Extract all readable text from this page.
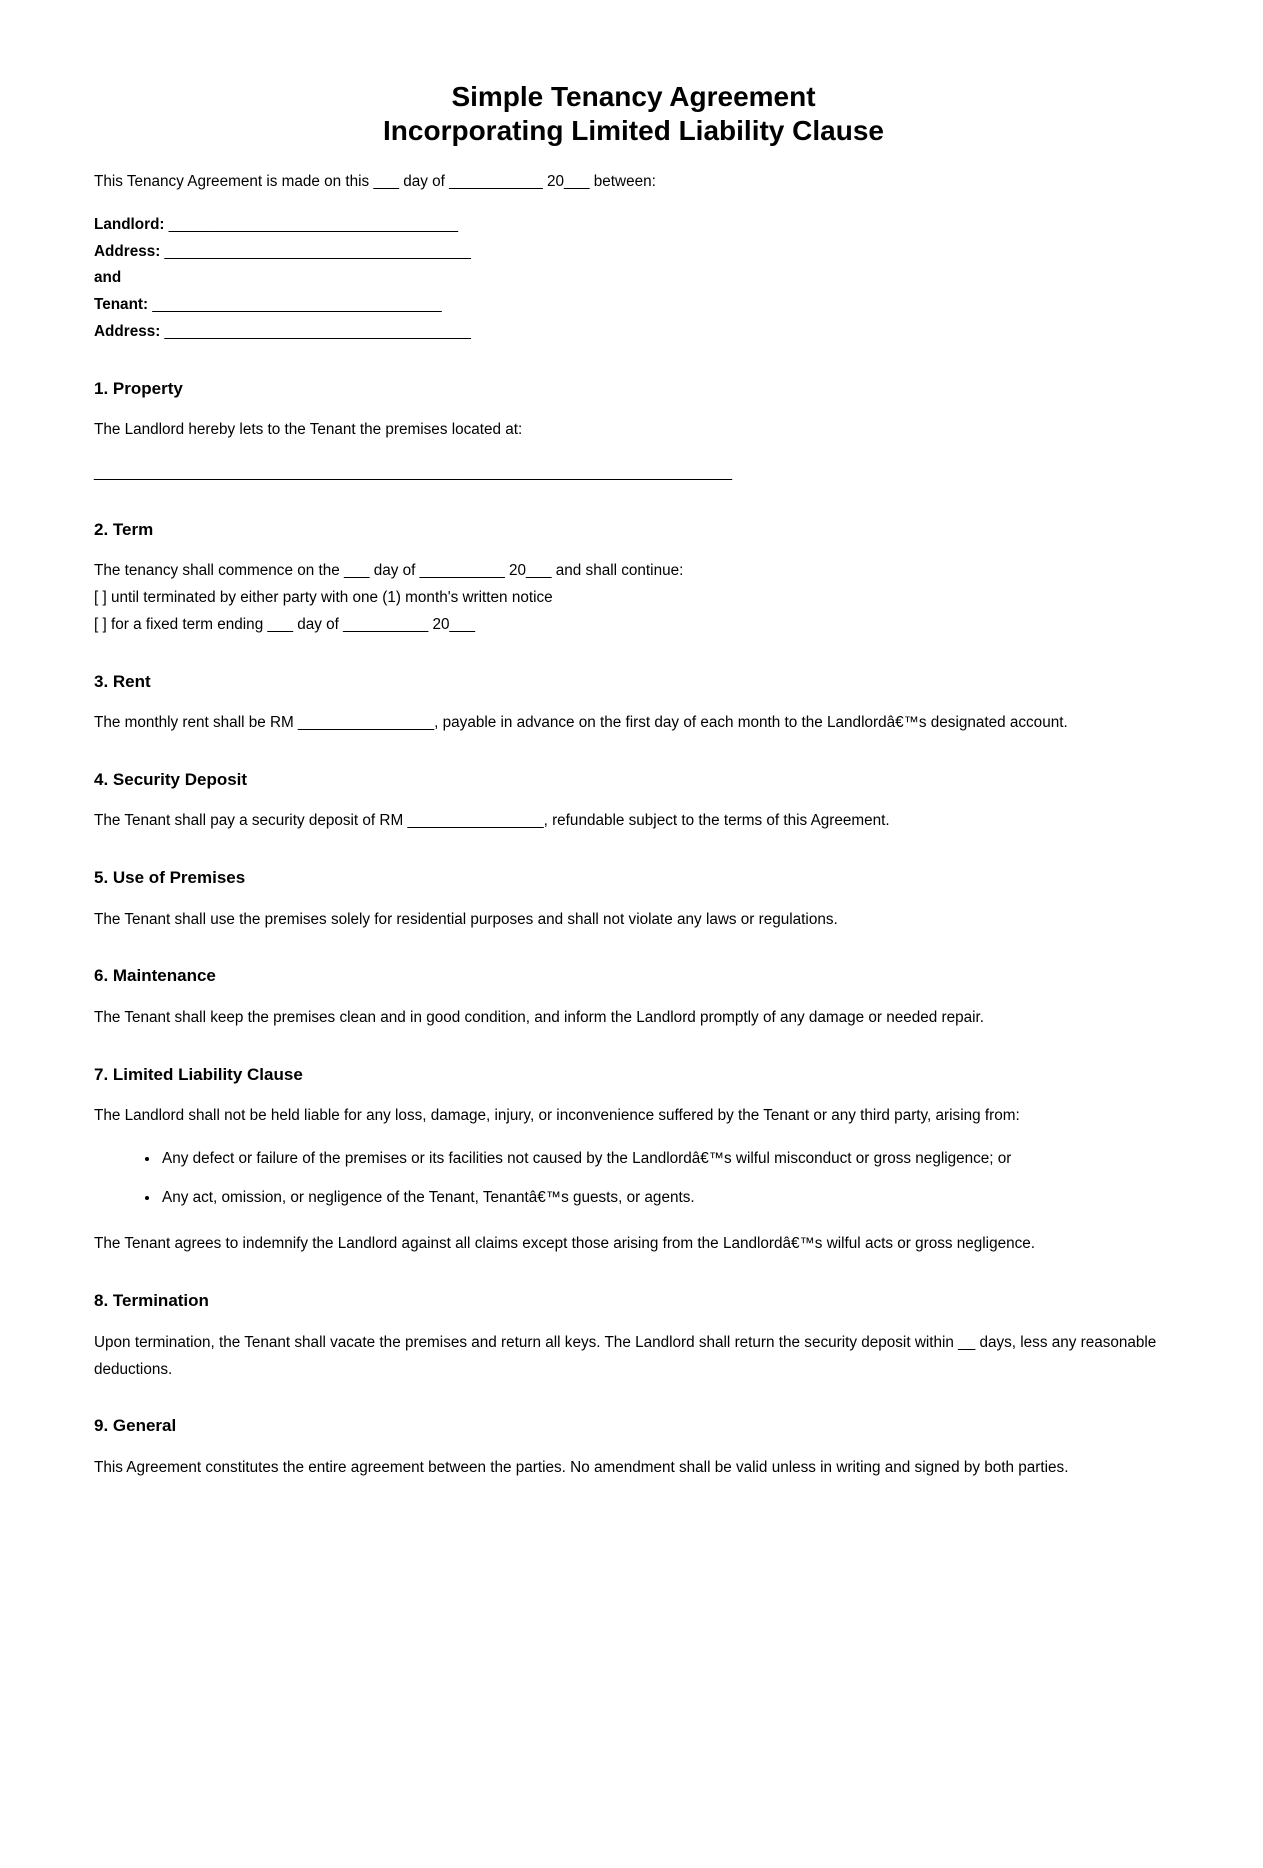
Simple Tenancy Agreement
Incorporating Limited Liability Clause

This Tenancy Agreement is made on this ___ day of ___________ 20___ between:

Landlord: __________________________________
Address: ____________________________________
and
Tenant: __________________________________
Address: ____________________________________
1. Property

The Landlord hereby lets to the Tenant the premises located at:

___________________________________________________________________________

2. Term
The tenancy shall commence on the ___ day of __________ 20___ and shall continue:
[ ] until terminated by either party with one (1) month's written notice
[ ] for a fixed term ending ___ day of __________ 20___
3. Rent

The monthly rent shall be RM ________________, payable in advance on the first day of each month to the Landlordâ€™s designated account.

4. Security Deposit

The Tenant shall pay a security deposit of RM ________________, refundable subject to the terms of this Agreement.

5. Use of Premises

The Tenant shall use the premises solely for residential purposes and shall not violate any laws or regulations.

6. Maintenance

The Tenant shall keep the premises clean and in good condition, and inform the Landlord promptly of any damage or needed repair.

7. Limited Liability Clause

The Landlord shall not be held liable for any loss, damage, injury, or inconvenience suffered by the Tenant or any third party, arising from:

• Any defect or failure of the premises or its facilities not caused by the Landlordâ€™s wilful misconduct or gross negligence; or
• Any act, omission, or negligence of the Tenant, Tenantâ€™s guests, or agents.

The Tenant agrees to indemnify the Landlord against all claims except those arising from the Landlordâ€™s wilful acts or gross negligence.

8. Termination

Upon termination, the Tenant shall vacate the premises and return all keys. The Landlord shall return the security deposit within __ days, less any reasonable deductions.

9. General

This Agreement constitutes the entire agreement between the parties. No amendment shall be valid unless in writing and signed by both parties.
